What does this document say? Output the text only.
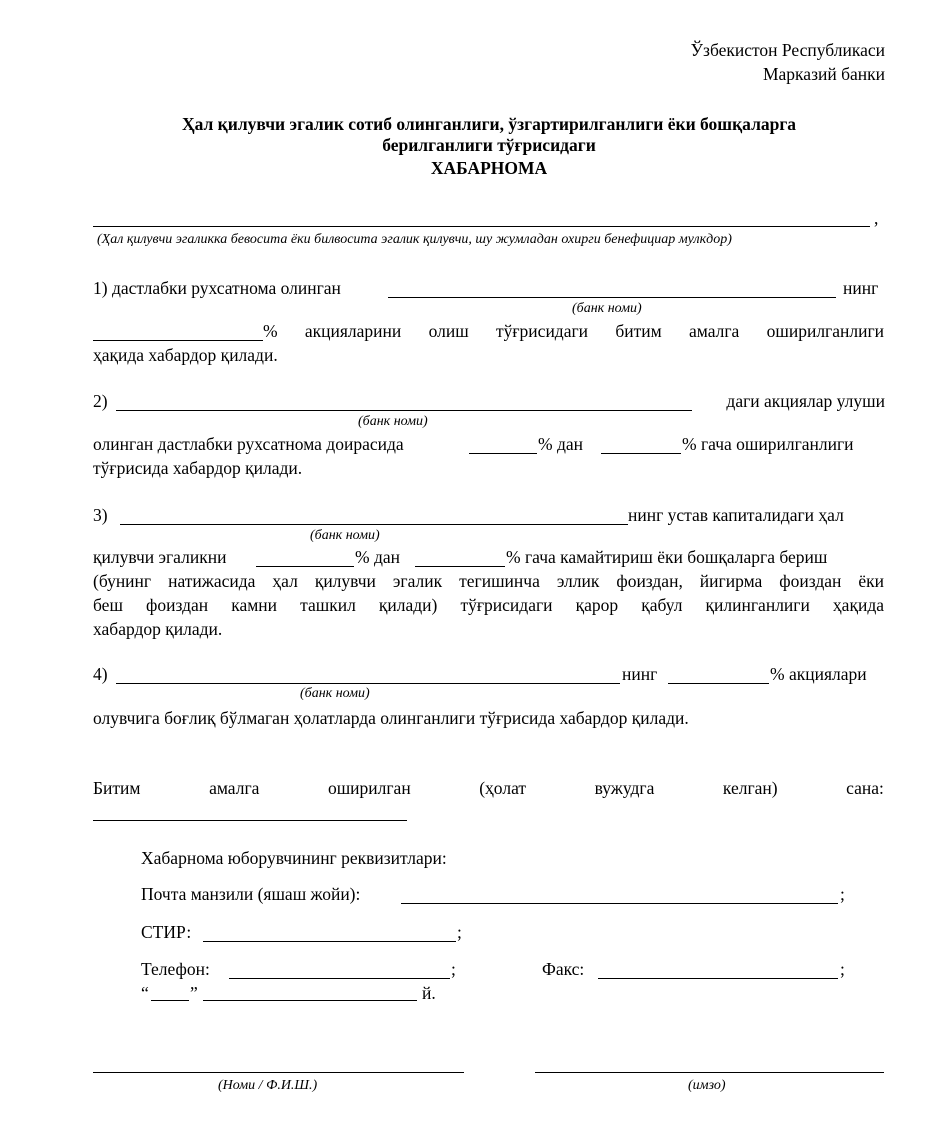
Ўзбекистон Республикаси
Марказий банки
Ҳал қилувчи эгалик сотиб олинганлиги, ўзгартирилганлиги ёки бошқаларга
берилганлиги тўғрисидаги
ХАБАРНОМА
,
(Ҳал қилувчи эгаликка бевосита ёки билвосита эгалик қилувчи, шу жумладан охирги бенефициар мулкдор)
1) дастлабки рухсатнома олинган	нинг
(банк номи)
% акцияларини олиш тўғрисидаги битим амалга оширилганлиги
ҳақида хабардор қилади.
2)	даги акциялар улуши
(банк номи)
олинган дастлабки рухсатнома доирасида	% дан	% гача оширилганлиги
тўғрисида хабардор қилади.
3)	нинг устав капиталидаги ҳал
(банк номи)
қилувчи эгаликни	% дан	% гача камайтириш ёки бошқаларга бериш
(бунинг натижасида ҳал қилувчи эгалик тегишинча эллик фоиздан, йигирма фоиздан ёки
беш фоиздан камни ташкил қилади) тўғрисидаги қарор қабул қилинганлиги ҳақида
хабардор қилади.
4)	нинг	% акциялари
(банк номи)
олувчига боғлиқ бўлмаган ҳолатларда олинганлиги тўғрисида хабардор қилади.
Битим	амалга	оширилган	(ҳолат	вужудга	келган)	сана:
Хабарнома юборувчининг реквизитлари:
Почта манзили (яшаш жойи):	;
СТИР:	;
Телефон:	;	Факс:	;
“ ”	й.
(Номи / Ф.И.Ш.)	(имзо)
